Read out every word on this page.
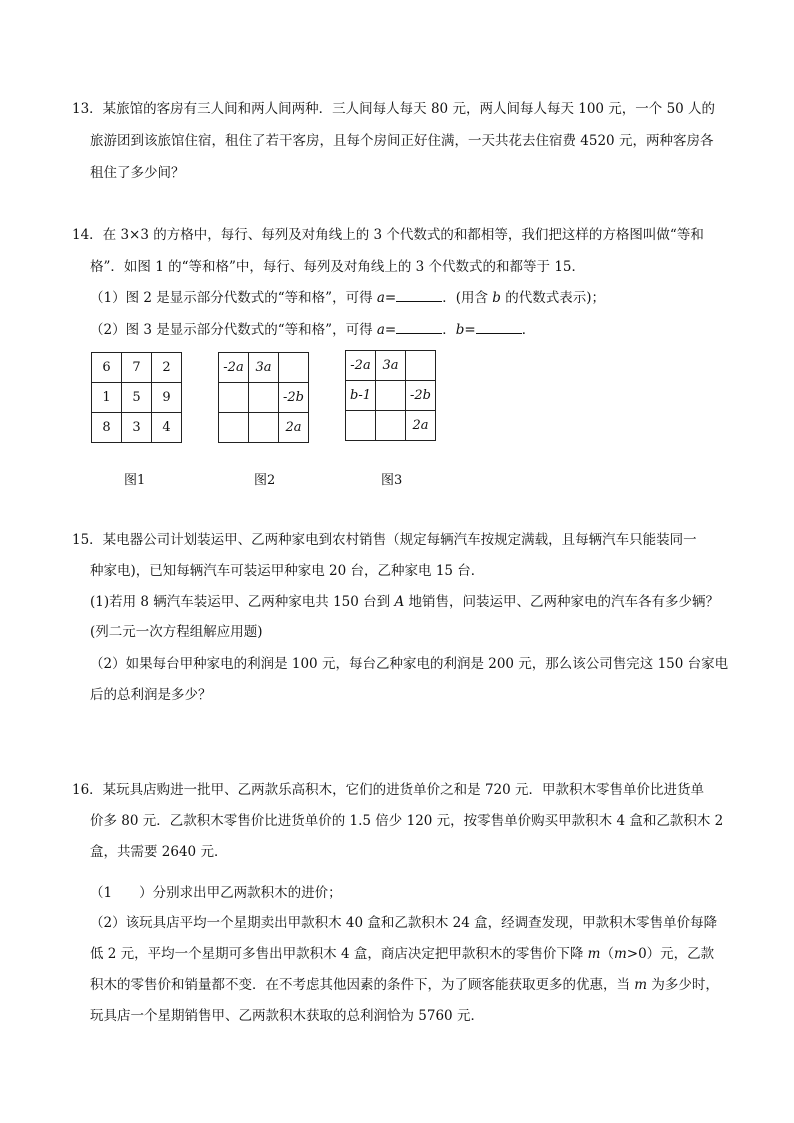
13．某旅馆的客房有三人间和两人间两种．三人间每人每天 80 元，两人间每人每天 100 元，一个 50 人的
旅游团到该旅馆住宿，租住了若干客房，且每个房间正好住满，一天共花去住宿费 4520 元，两种客房各
租住了多少间？
14．在 3×3 的方格中，每行、每列及对角线上的 3 个代数式的和都相等，我们把这样的方格图叫做“等和
格”．如图 1 的“等和格”中，每行、每列及对角线上的 3 个代数式的和都等于 15．
（1）图 2 是显示部分代数式的“等和格”，可得 a=	．(用含 b 的代数式表示)；
（2）图 3 是显示部分代数式的“等和格”，可得 a=	．b=	．
6	7	2
1	5	9
8	3	4
-2a	3a	
		-2b
		2a
-2a	3a	
b-1		-2b
		2a
图1	图2	图3
15．某电器公司计划装运甲、乙两种家电到农村销售（规定每辆汽车按规定满载，且每辆汽车只能装同一
种家电)，已知每辆汽车可装运甲种家电 20 台，乙种家电 15 台．
(1)若用 8 辆汽车装运甲、乙两种家电共 150 台到 A 地销售，问装运甲、乙两种家电的汽车各有多少辆？
(列二元一次方程组解应用题)
（2）如果每台甲种家电的利润是 100 元，每台乙种家电的利润是 200 元，那么该公司售完这 150 台家电
后的总利润是多少？
16．某玩具店购进一批甲、乙两款乐高积木，它们的进货单价之和是 720 元．甲款积木零售单价比进货单
价多 80 元．乙款积木零售价比进货单价的 1.5 倍少 120 元，按零售单价购买甲款积木 4 盒和乙款积木 2
盒，共需要 2640 元．
（1　　）分别求出甲乙两款积木的进价；
（2）该玩具店平均一个星期卖出甲款积木 40 盒和乙款积木 24 盒，经调查发现，甲款积木零售单价每降
低 2 元，平均一个星期可多售出甲款积木 4 盒，商店决定把甲款积木的零售价下降 m（m>0）元，乙款
积木的零售价和销量都不变．在不考虑其他因素的条件下，为了顾客能获取更多的优惠，当 m 为多少时，
玩具店一个星期销售甲、乙两款积木获取的总利润恰为 5760 元．
